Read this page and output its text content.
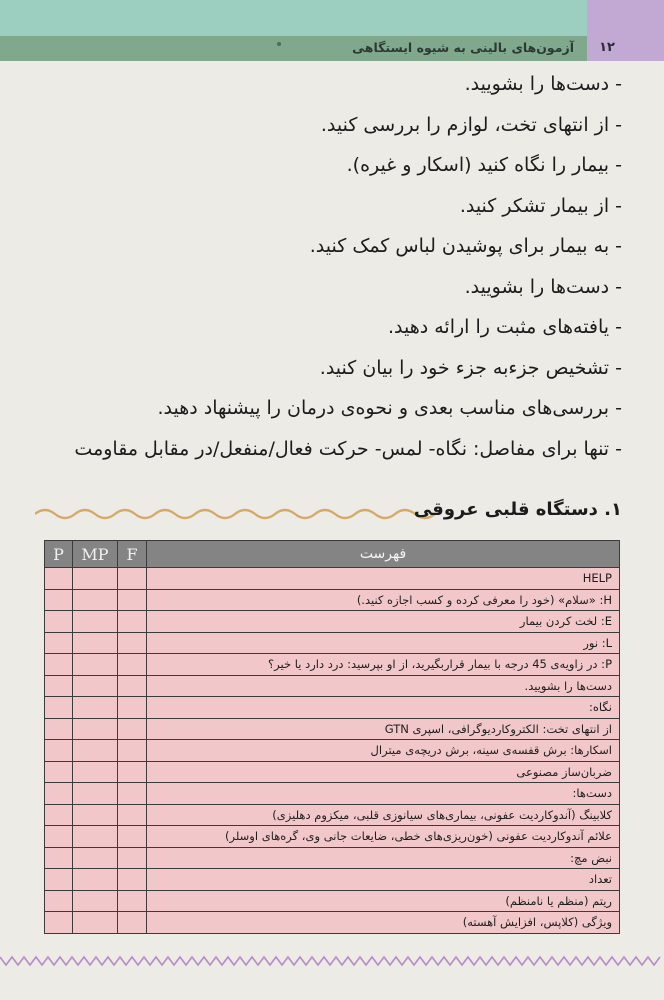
آزمون‌های بالینی به شیوه ایستگاهی	۱۲
- دست‌ها را بشویید.
- از انتهای تخت، لوازم را بررسی کنید.
- بیمار را نگاه کنید (اسکار و غیره).
- از بیمار تشکر کنید.
- به بیمار برای پوشیدن لباس کمک کنید.
- دست‌ها را بشویید.
- یافته‌های مثبت را ارائه دهید.
- تشخیص جزءبه جزء خود را بیان کنید.
- بررسی‌های مناسب بعدی و نحوه‌ی درمان را پیشنهاد دهید.
- تنها برای مفاصل: نگاه- لمس- حرکت فعال/منفعل/در مقابل مقاومت
۱. دستگاه قلبی عروقی
P	MP	F	فهرست
			HELP
			H: «سلام» (خود را معرفی کرده و کسب اجازه کنید.)
			E: لخت کردن بیمار
			L: نور
			P: در زاویه‌ی 45 درجه با بیمار قراربگیرید، از او بپرسید: درد دارد یا خیر؟
			دست‌ها را بشویید.
			نگاه:
			از انتهای تخت: الکتروکاردیوگرافی، اسپری GTN
			اسکارها: برش قفسه‌ی سینه، برش دریچه‌ی میترال
			ضربان‌ساز مصنوعی
			دست‌ها:
			کلابینگ (آندوکاردیت عفونی، بیماری‌های سیانوزی قلبی، میکزوم دهلیزی)
			علائم آندوکاردیت عفونی (خون‌ریزی‌های خطی، ضایعات جانی وی، گره‌های اوسلر)
			نبض مچ:
			تعداد
			ریتم (منظم یا نامنظم)
			ویژگی (کلاپس، افزایش آهسته)
